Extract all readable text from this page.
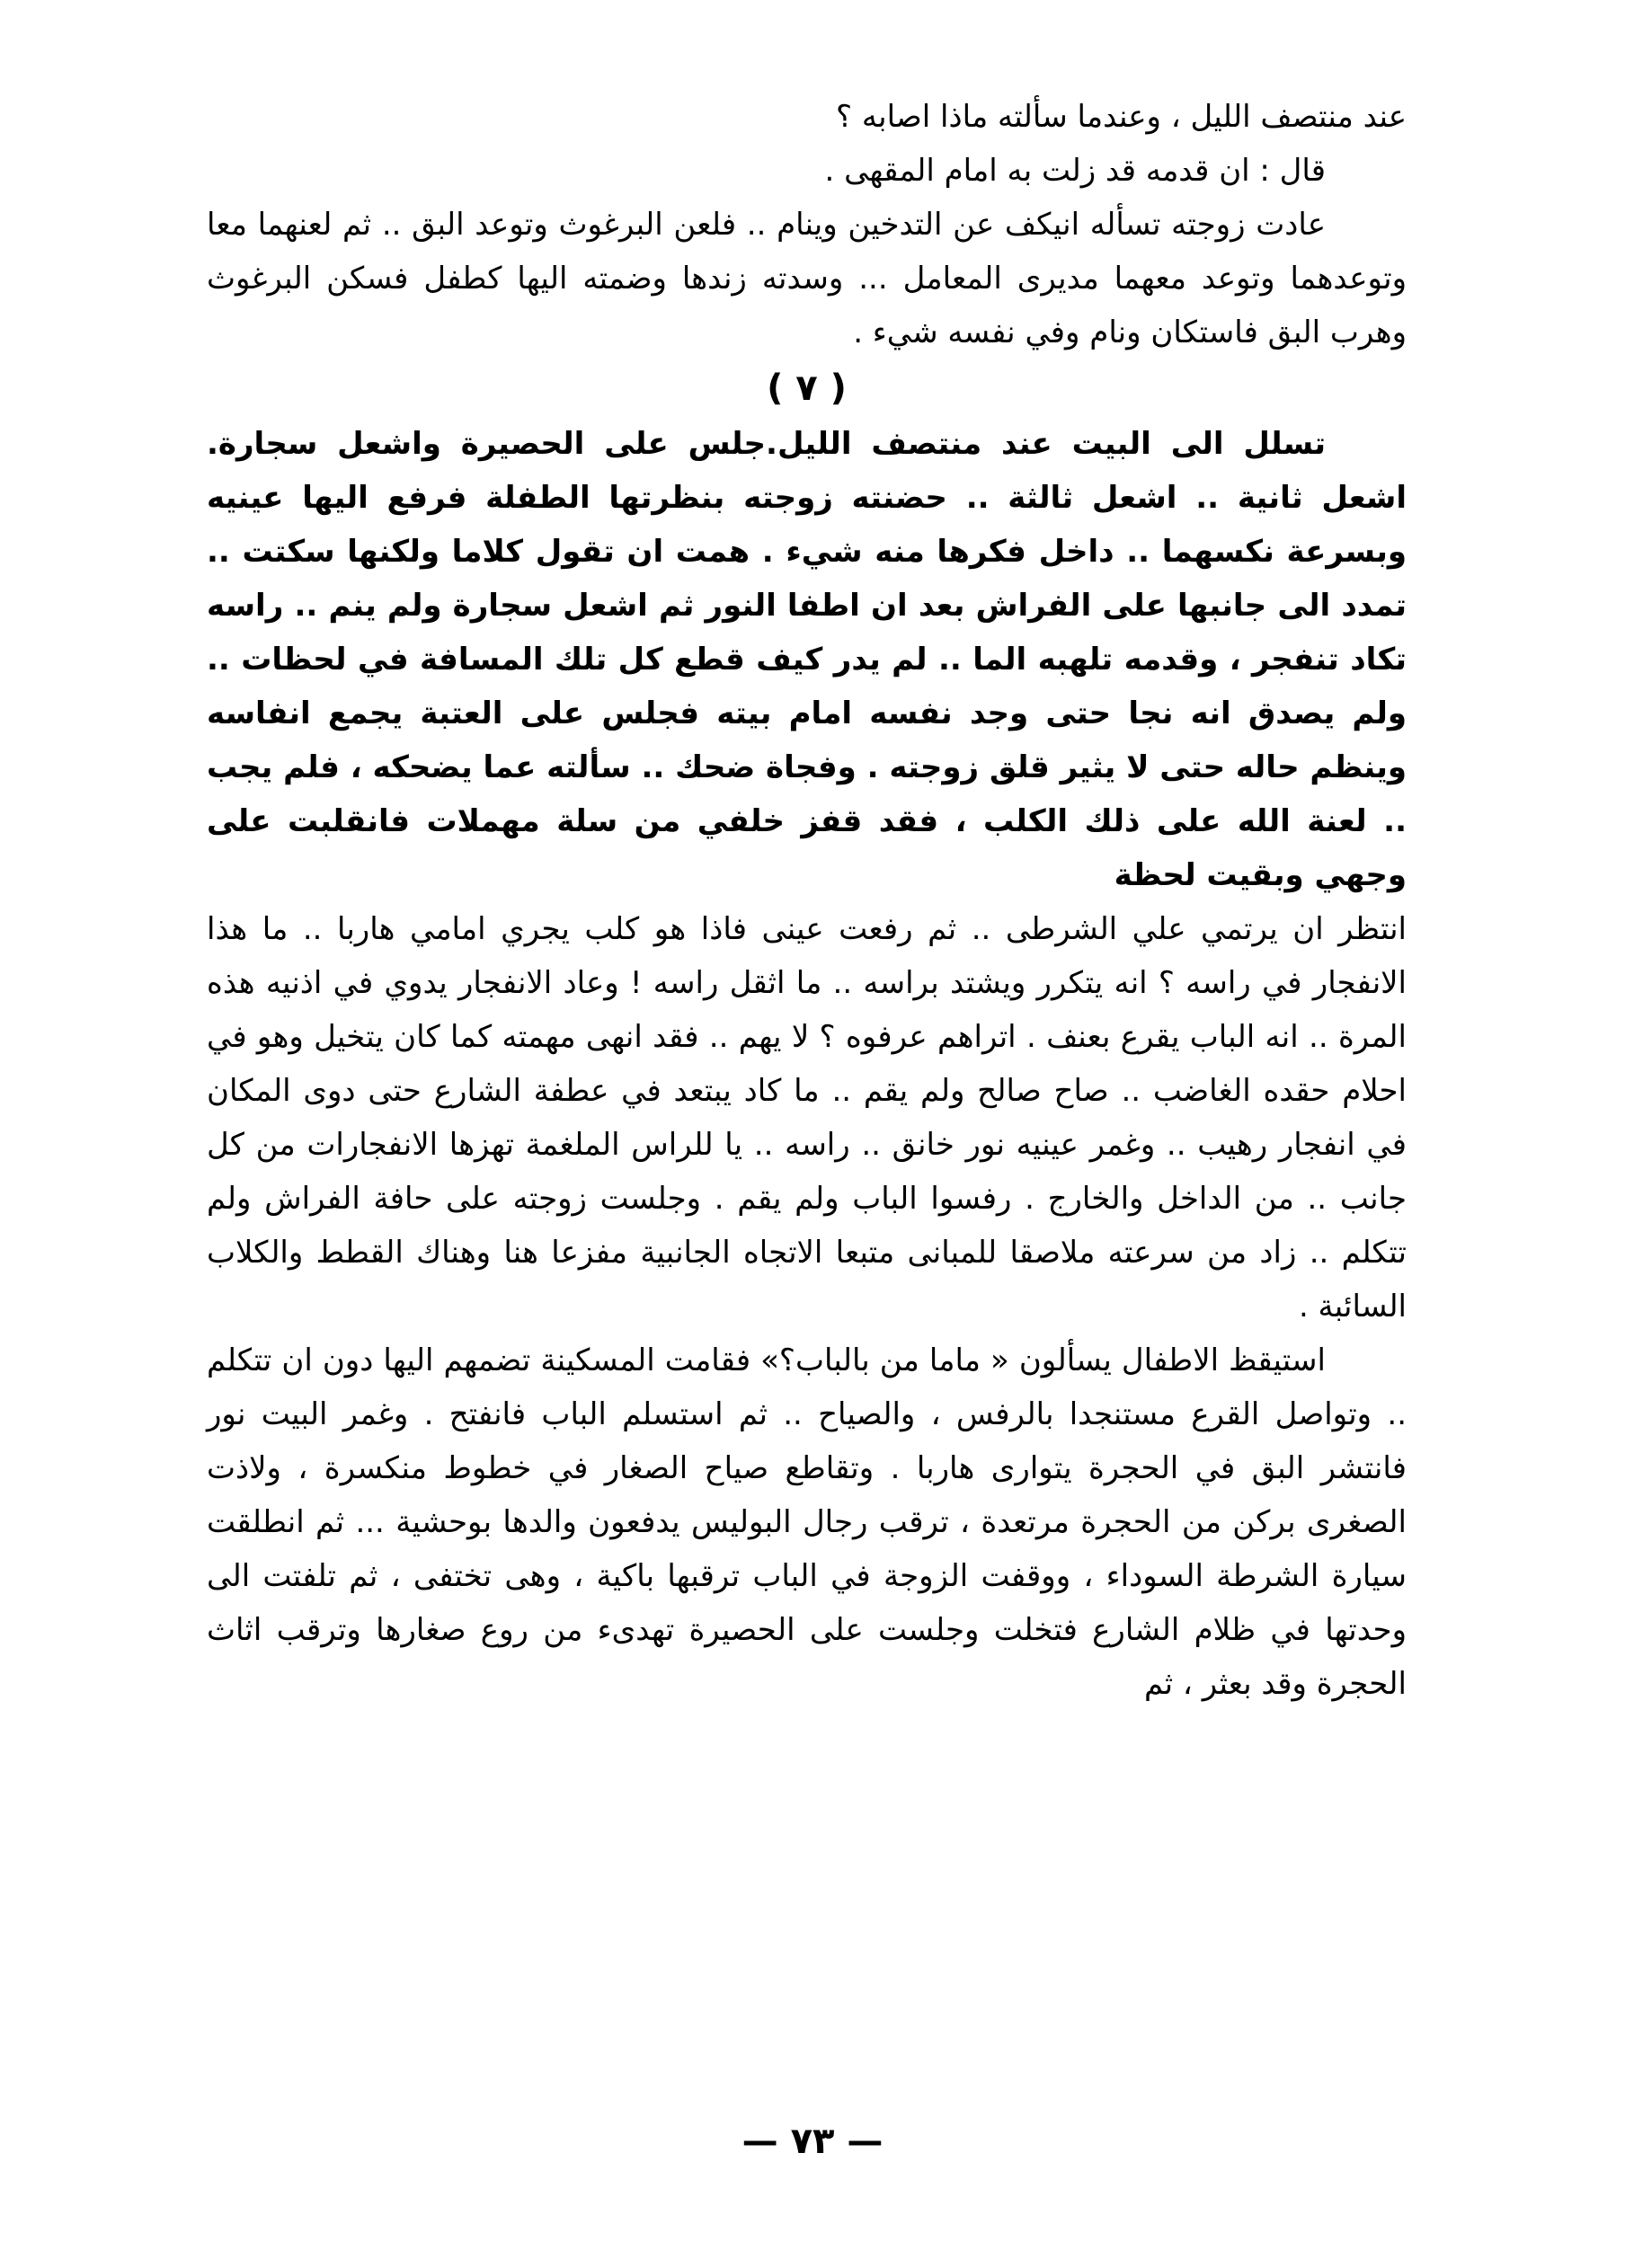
عند منتصف الليل ، وعندما سألته ماذا اصابه ؟

قال : ان قدمه قد زلت به امام المقهى .

عادت زوجته تسأله انيكف عن التدخين وينام .. فلعن البرغوث وتوعد البق .. ثم لعنهما معا وتوعدهما وتوعد معهما مديرى المعامل ... وسدته زندها وضمته اليها كطفل فسكن البرغوث وهرب البق فاستكان ونام وفي نفسه شيء .

( ٧ )

تسلل الى البيت عند منتصف الليل.جلس على الحصيرة واشعل سجارة. اشعل ثانية .. اشعل ثالثة .. حضنته زوجته بنظرتها الطفلة فرفع اليها عينيه وبسرعة نكسهما .. داخل فكرها منه شيء . همت ان تقول كلاما ولكنها سكتت .. تمدد الى جانبها على الفراش بعد ان اطفا النور ثم اشعل سجارة ولم ينم .. راسه تكاد تنفجر ، وقدمه تلهبه الما .. لم يدر كيف قطع كل تلك المسافة في لحظات .. ولم يصدق انه نجا حتى وجد نفسه امام بيته فجلس على العتبة يجمع انفاسه وينظم حاله حتى لا يثير قلق زوجته . وفجاة ضحك .. سألته عما يضحكه ، فلم يجب .. لعنة الله على ذلك الكلب ، فقد قفز خلفي من سلة مهملات فانقلبت على وجهي وبقيت لحظة

انتظر ان يرتمي علي الشرطى .. ثم رفعت عينى فاذا هو كلب يجري امامي هاربا .. ما هذا الانفجار في راسه ؟ انه يتكرر ويشتد براسه .. ما اثقل راسه ! وعاد الانفجار يدوي في اذنيه هذه المرة .. انه الباب يقرع بعنف . اتراهم عرفوه ؟ لا يهم .. فقد انهى مهمته كما كان يتخيل وهو في احلام حقده الغاضب .. صاح صالح ولم يقم .. ما كاد يبتعد في عطفة الشارع حتى دوى المكان في انفجار رهيب .. وغمر عينيه نور خانق .. راسه .. يا للراس الملغمة تهزها الانفجارات من كل جانب .. من الداخل والخارج . رفسوا الباب ولم يقم . وجلست زوجته على حافة الفراش ولم تتكلم .. زاد من سرعته ملاصقا للمبانى متبعا الاتجاه الجانبية مفزعا هنا وهناك القطط والكلاب السائبة .

استيقظ الاطفال يسألون « ماما من بالباب؟» فقامت المسكينة تضمهم اليها دون ان تتكلم .. وتواصل القرع مستنجدا بالرفس ، والصياح .. ثم استسلم الباب فانفتح . وغمر البيت نور فانتشر البق في الحجرة يتوارى هاربا . وتقاطع صياح الصغار في خطوط منكسرة ، ولاذت الصغرى بركن من الحجرة مرتعدة ، ترقب رجال البوليس يدفعون والدها بوحشية ... ثم انطلقت سيارة الشرطة السوداء ، ووقفت الزوجة في الباب ترقبها باكية ، وهى تختفى ، ثم تلفتت الى وحدتها في ظلام الشارع فتخلت وجلست على الحصيرة تهدىء من روع صغارها وترقب اثاث الحجرة وقد بعثر ، ثم

— ٧٣ —
